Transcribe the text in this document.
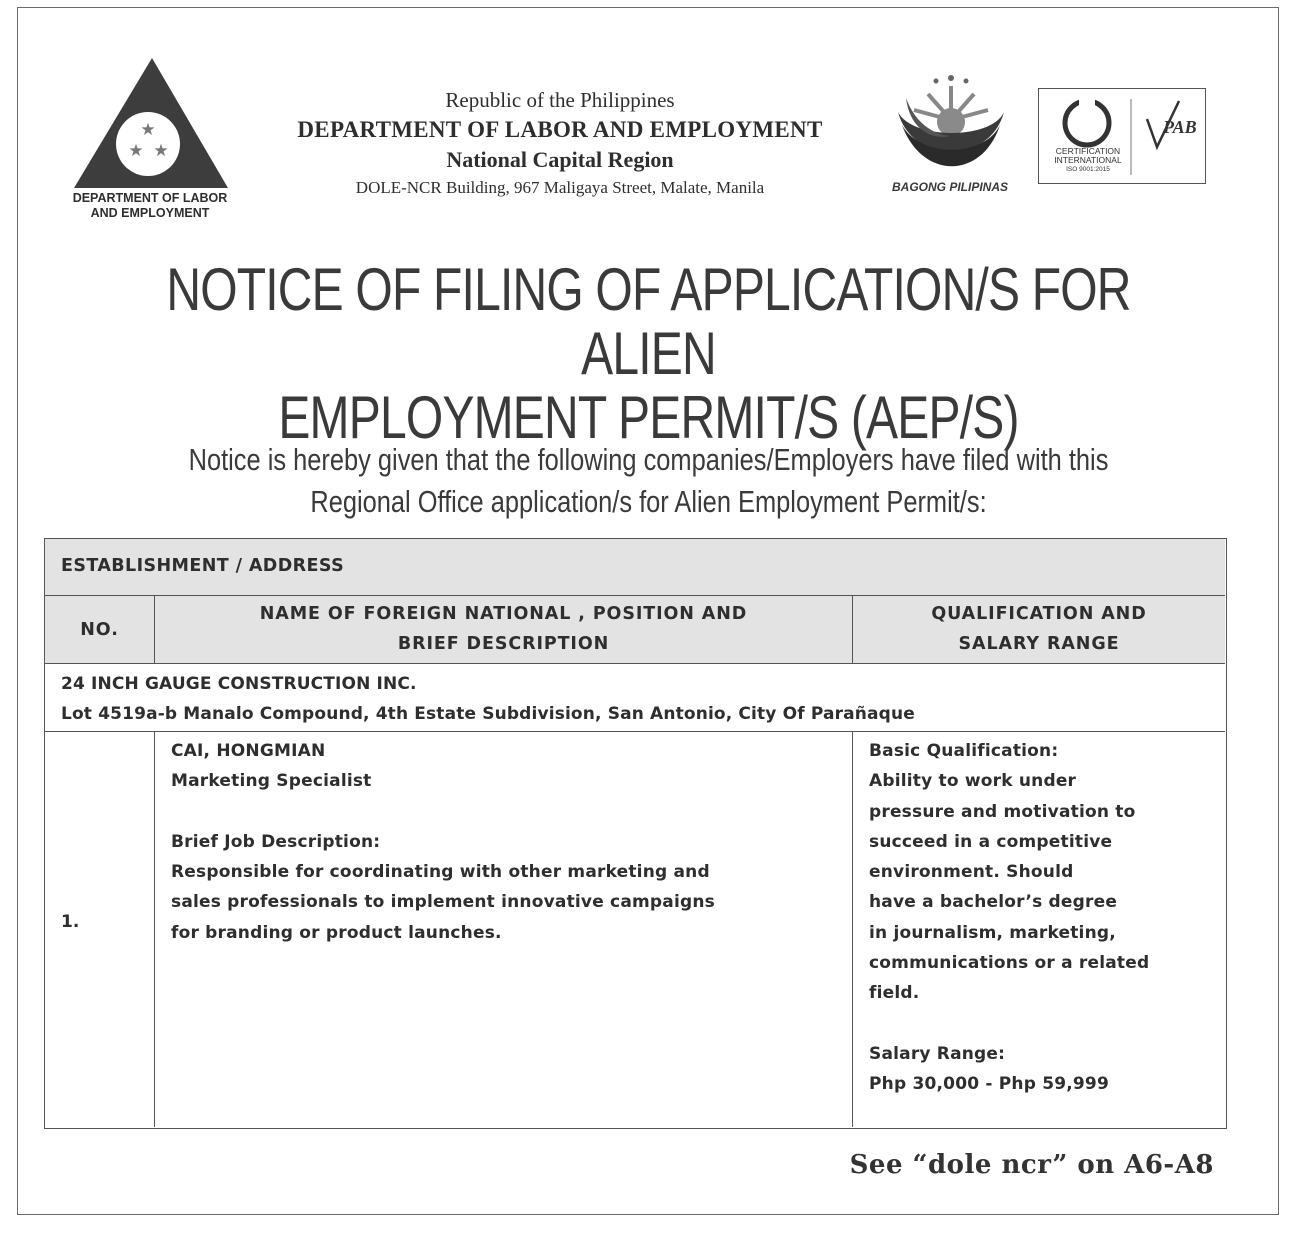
★
★ ★
DEPARTMENT OF LABOR
AND EMPLOYMENT
Republic of the Philippines
DEPARTMENT OF LABOR AND EMPLOYMENT
National Capital Region
DOLE-NCR Building, 967 Maligaya Street, Malate, Manila	BAGONG PILIPINAS
CERTIFICATION
INTERNATIONAL
ISO 9001:2015
PAB
NOTICE OF FILING OF APPLICATION/S FOR ALIEN
EMPLOYMENT PERMIT/S (AEP/S)
Notice is hereby given that the following companies/Employers have filed with this
Regional Office application/s for Alien Employment Permit/s:
ESTABLISHMENT / ADDRESS
NO.
NAME OF FOREIGN NATIONAL , POSITION AND
BRIEF DESCRIPTION
QUALIFICATION AND
SALARY RANGE
24 INCH GAUGE CONSTRUCTION INC.
Lot 4519a-b Manalo Compound, 4th Estate Subdivision, San Antonio, City Of Parañaque
1.
CAI, HONGMIAN
Marketing Specialist
Brief Job Description:
Responsible for coordinating with other marketing and
sales professionals to implement innovative campaigns
for branding or product launches.
Basic Qualification:
Ability to work under
pressure and motivation to
succeed in a competitive
environment. Should
have a bachelor’s degree
in journalism, marketing,
communications or a related
field.
Salary Range:
Php 30,000 - Php 59,999
See “dole ncr” on A6-A8
